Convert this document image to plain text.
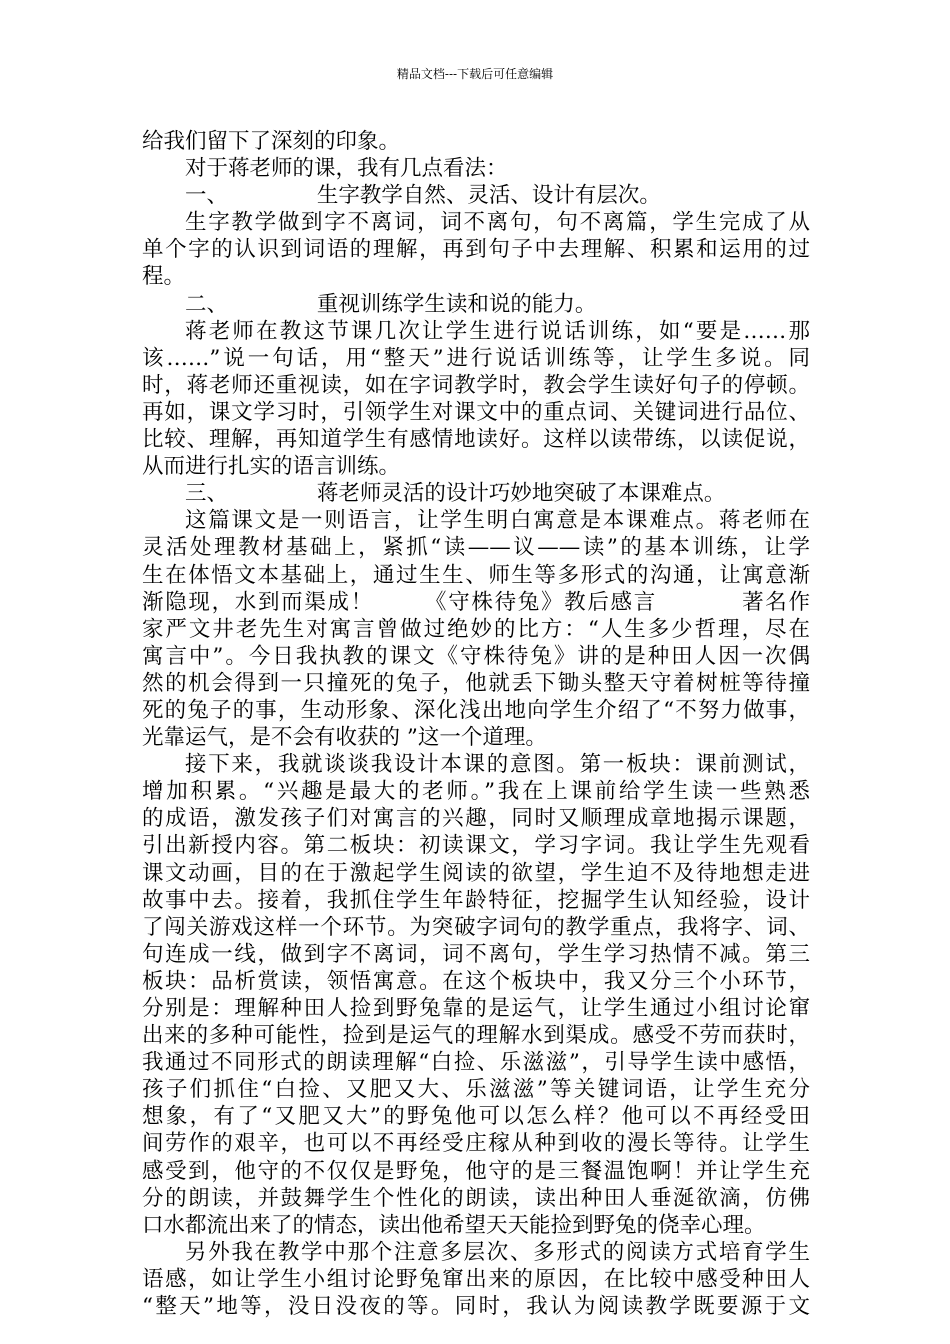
精品文档---下载后可任意编辑
给我们留下了深刻的印象。
对于蒋老师的课，我有几点看法：
一、             生字教学自然、灵活、设计有层次。
生字教学做到字不离词，词不离句，句不离篇，学生完成了从
单个字的认识到词语的理解，再到句子中去理解、积累和运用的过
程。
二、             重视训练学生读和说的能力。
蒋老师在教这节课几次让学生进行说话训练，如“要是……那
该……”说一句话，用“整天”进行说话训练等，让学生多说。同
时，蒋老师还重视读，如在字词教学时，教会学生读好句子的停顿。
再如，课文学习时，引领学生对课文中的重点词、关键词进行品位、
比较、理解，再知道学生有感情地读好。这样以读带练，以读促说，
从而进行扎实的语言训练。
三、             蒋老师灵活的设计巧妙地突破了本课难点。
这篇课文是一则语言，让学生明白寓意是本课难点。蒋老师在
灵活处理教材基础上，紧抓“读——议——读”的基本训练，让学
生在体悟文本基础上，通过生生、师生等多形式的沟通，让寓意渐
渐隐现，水到而渠成！      《守株待兔》教后感言          著名作
家严文井老先生对寓言曾做过绝妙的比方：“人生多少哲理，尽在
寓言中”。今日我执教的课文《守株待兔》讲的是种田人因一次偶
然的机会得到一只撞死的兔子，他就丢下锄头整天守着树桩等待撞
死的兔子的事，生动形象、深化浅出地向学生介绍了“不努力做事，
光靠运气，是不会有收获的 ”这一个道理。
接下来，我就谈谈我设计本课的意图。第一板块：课前测试，
增加积累。“兴趣是最大的老师。”我在上课前给学生读一些熟悉
的成语，激发孩子们对寓言的兴趣，同时又顺理成章地揭示课题，
引出新授内容。第二板块：初读课文，学习字词。我让学生先观看
课文动画，目的在于激起学生阅读的欲望，学生迫不及待地想走进
故事中去。接着，我抓住学生年龄特征，挖掘学生认知经验，设计
了闯关游戏这样一个环节。为突破字词句的教学重点，我将字、词、
句连成一线，做到字不离词，词不离句，学生学习热情不减。第三
板块：品析赏读，领悟寓意。在这个板块中，我又分三个小环节，
分别是：理解种田人捡到野兔靠的是运气，让学生通过小组讨论窜
出来的多种可能性，捡到是运气的理解水到渠成。感受不劳而获时，
我通过不同形式的朗读理解“白捡、乐滋滋”，引导学生读中感悟，
孩子们抓住“白捡、又肥又大、乐滋滋”等关键词语，让学生充分
想象，有了“又肥又大”的野兔他可以怎么样？他可以不再经受田
间劳作的艰辛，也可以不再经受庄稼从种到收的漫长等待。让学生
感受到，他守的不仅仅是野兔，他守的是三餐温饱啊！并让学生充
分的朗读，并鼓舞学生个性化的朗读，读出种田人垂涎欲滴，仿佛
口水都流出来了的情态，读出他希望天天能捡到野兔的侥幸心理。
另外我在教学中那个注意多层次、多形式的阅读方式培育学生
语感，如让学生小组讨论野兔窜出来的原因，在比较中感受种田人
“整天”地等，没日没夜的等。同时，我认为阅读教学既要源于文
